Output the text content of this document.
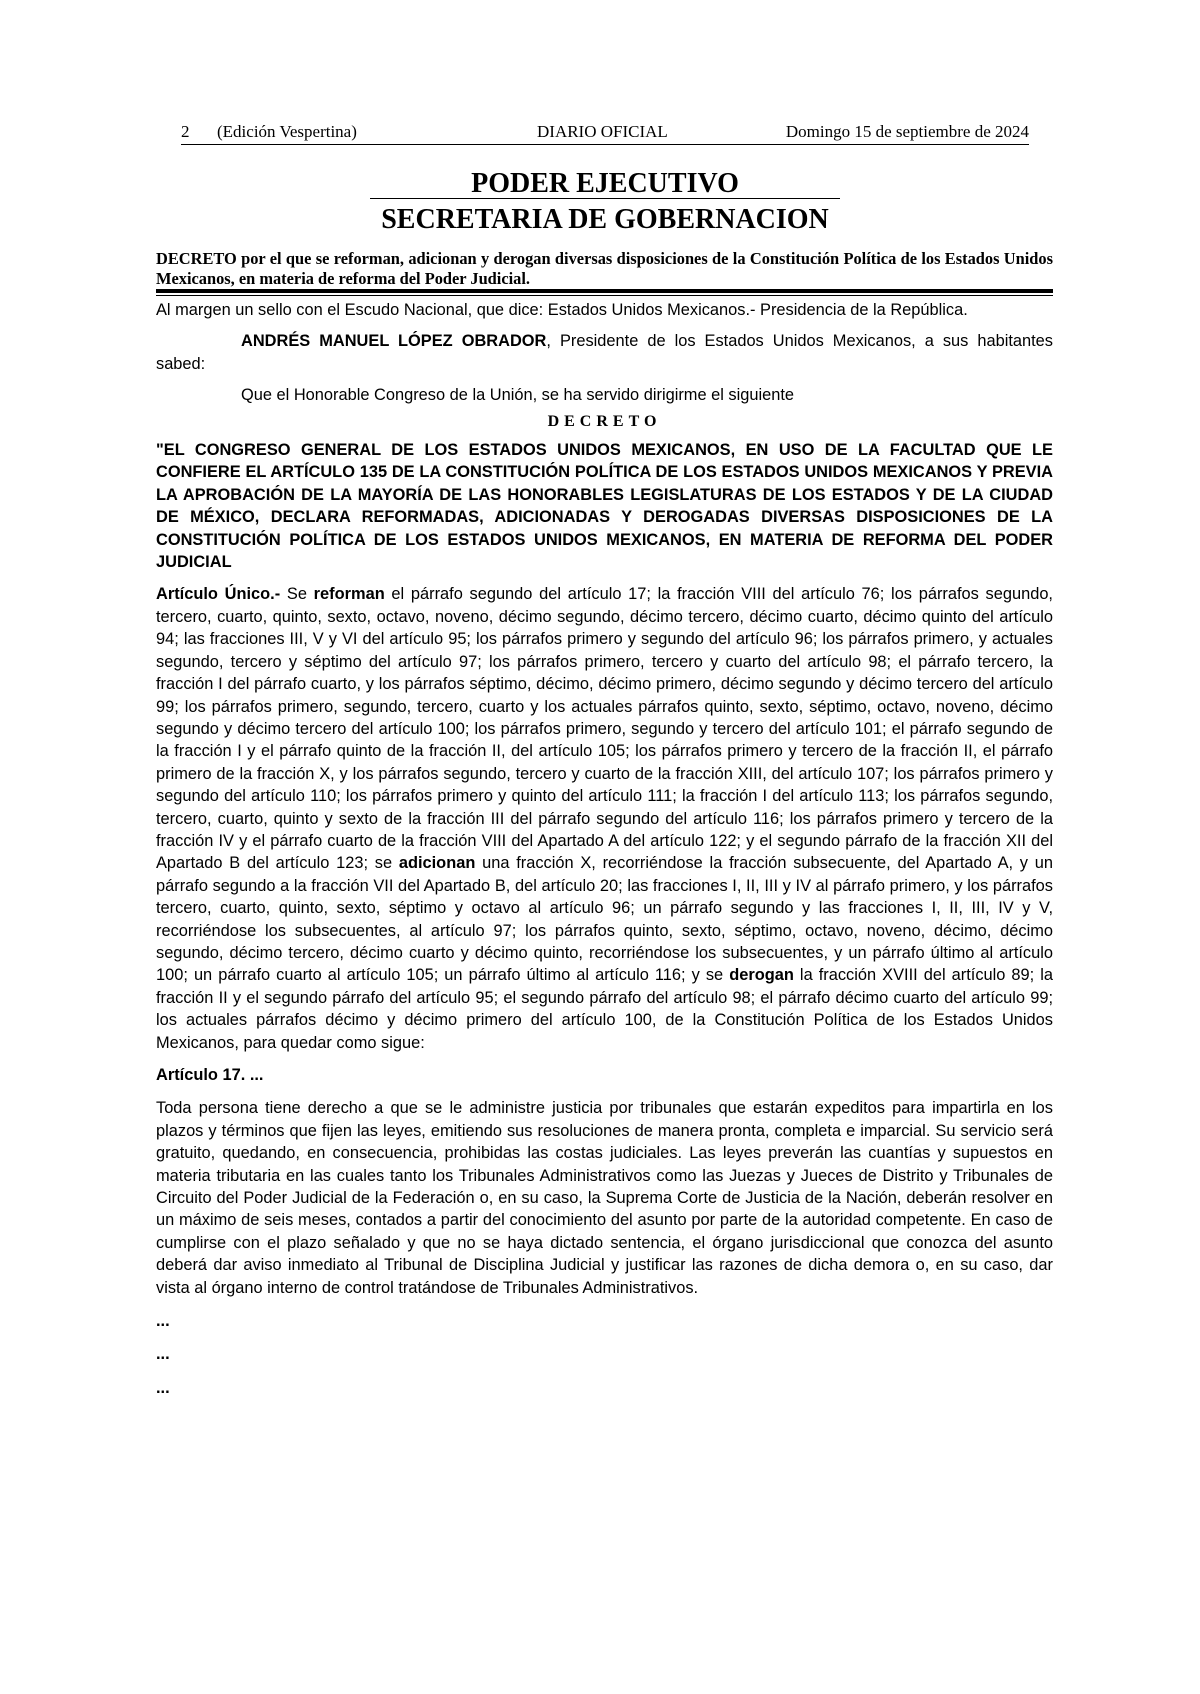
2 (Edición Vespertina)	DIARIO OFICIAL	Domingo 15 de septiembre de 2024
PODER EJECUTIVO
SECRETARIA DE GOBERNACION
DECRETO por el que se reforman, adicionan y derogan diversas disposiciones de la Constitución Política de los Estados Unidos Mexicanos, en materia de reforma del Poder Judicial.

Al margen un sello con el Escudo Nacional, que dice: Estados Unidos Mexicanos.- Presidencia de la República.

ANDRÉS MANUEL LÓPEZ OBRADOR, Presidente de los Estados Unidos Mexicanos, a sus habitantes sabed:

Que el Honorable Congreso de la Unión, se ha servido dirigirme el siguiente

DECRETO

"EL CONGRESO GENERAL DE LOS ESTADOS UNIDOS MEXICANOS, EN USO DE LA FACULTAD QUE LE CONFIERE EL ARTÍCULO 135 DE LA CONSTITUCIÓN POLÍTICA DE LOS ESTADOS UNIDOS MEXICANOS Y PREVIA LA APROBACIÓN DE LA MAYORÍA DE LAS HONORABLES LEGISLATURAS DE LOS ESTADOS Y DE LA CIUDAD DE MÉXICO, DECLARA REFORMADAS, ADICIONADAS Y DEROGADAS DIVERSAS DISPOSICIONES DE LA CONSTITUCIÓN POLÍTICA DE LOS ESTADOS UNIDOS MEXICANOS, EN MATERIA DE REFORMA DEL PODER JUDICIAL

Artículo Único.- Se reforman el párrafo segundo del artículo 17; la fracción VIII del artículo 76; los párrafos segundo, tercero, cuarto, quinto, sexto, octavo, noveno, décimo segundo, décimo tercero, décimo cuarto, décimo quinto del artículo 94; las fracciones III, V y VI del artículo 95; los párrafos primero y segundo del artículo 96; los párrafos primero, y actuales segundo, tercero y séptimo del artículo 97; los párrafos primero, tercero y cuarto del artículo 98; el párrafo tercero, la fracción I del párrafo cuarto, y los párrafos séptimo, décimo, décimo primero, décimo segundo y décimo tercero del artículo 99; los párrafos primero, segundo, tercero, cuarto y los actuales párrafos quinto, sexto, séptimo, octavo, noveno, décimo segundo y décimo tercero del artículo 100; los párrafos primero, segundo y tercero del artículo 101; el párrafo segundo de la fracción I y el párrafo quinto de la fracción II, del artículo 105; los párrafos primero y tercero de la fracción II, el párrafo primero de la fracción X, y los párrafos segundo, tercero y cuarto de la fracción XIII, del artículo 107; los párrafos primero y segundo del artículo 110; los párrafos primero y quinto del artículo 111; la fracción I del artículo 113; los párrafos segundo, tercero, cuarto, quinto y sexto de la fracción III del párrafo segundo del artículo 116; los párrafos primero y tercero de la fracción IV y el párrafo cuarto de la fracción VIII del Apartado A del artículo 122; y el segundo párrafo de la fracción XII del Apartado B del artículo 123; se adicionan una fracción X, recorriéndose la fracción subsecuente, del Apartado A, y un párrafo segundo a la fracción VII del Apartado B, del artículo 20; las fracciones I, II, III y IV al párrafo primero, y los párrafos tercero, cuarto, quinto, sexto, séptimo y octavo al artículo 96; un párrafo segundo y las fracciones I, II, III, IV y V, recorriéndose los subsecuentes, al artículo 97; los párrafos quinto, sexto, séptimo, octavo, noveno, décimo, décimo segundo, décimo tercero, décimo cuarto y décimo quinto, recorriéndose los subsecuentes, y un párrafo último al artículo 100; un párrafo cuarto al artículo 105; un párrafo último al artículo 116; y se derogan la fracción XVIII del artículo 89; la fracción II y el segundo párrafo del artículo 95; el segundo párrafo del artículo 98; el párrafo décimo cuarto del artículo 99; los actuales párrafos décimo y décimo primero del artículo 100, de la Constitución Política de los Estados Unidos Mexicanos, para quedar como sigue:

Artículo 17. ...

Toda persona tiene derecho a que se le administre justicia por tribunales que estarán expeditos para impartirla en los plazos y términos que fijen las leyes, emitiendo sus resoluciones de manera pronta, completa e imparcial. Su servicio será gratuito, quedando, en consecuencia, prohibidas las costas judiciales. Las leyes preverán las cuantías y supuestos en materia tributaria en las cuales tanto los Tribunales Administrativos como las Juezas y Jueces de Distrito y Tribunales de Circuito del Poder Judicial de la Federación o, en su caso, la Suprema Corte de Justicia de la Nación, deberán resolver en un máximo de seis meses, contados a partir del conocimiento del asunto por parte de la autoridad competente. En caso de cumplirse con el plazo señalado y que no se haya dictado sentencia, el órgano jurisdiccional que conozca del asunto deberá dar aviso inmediato al Tribunal de Disciplina Judicial y justificar las razones de dicha demora o, en su caso, dar vista al órgano interno de control tratándose de Tribunales Administrativos.

...

...

...
